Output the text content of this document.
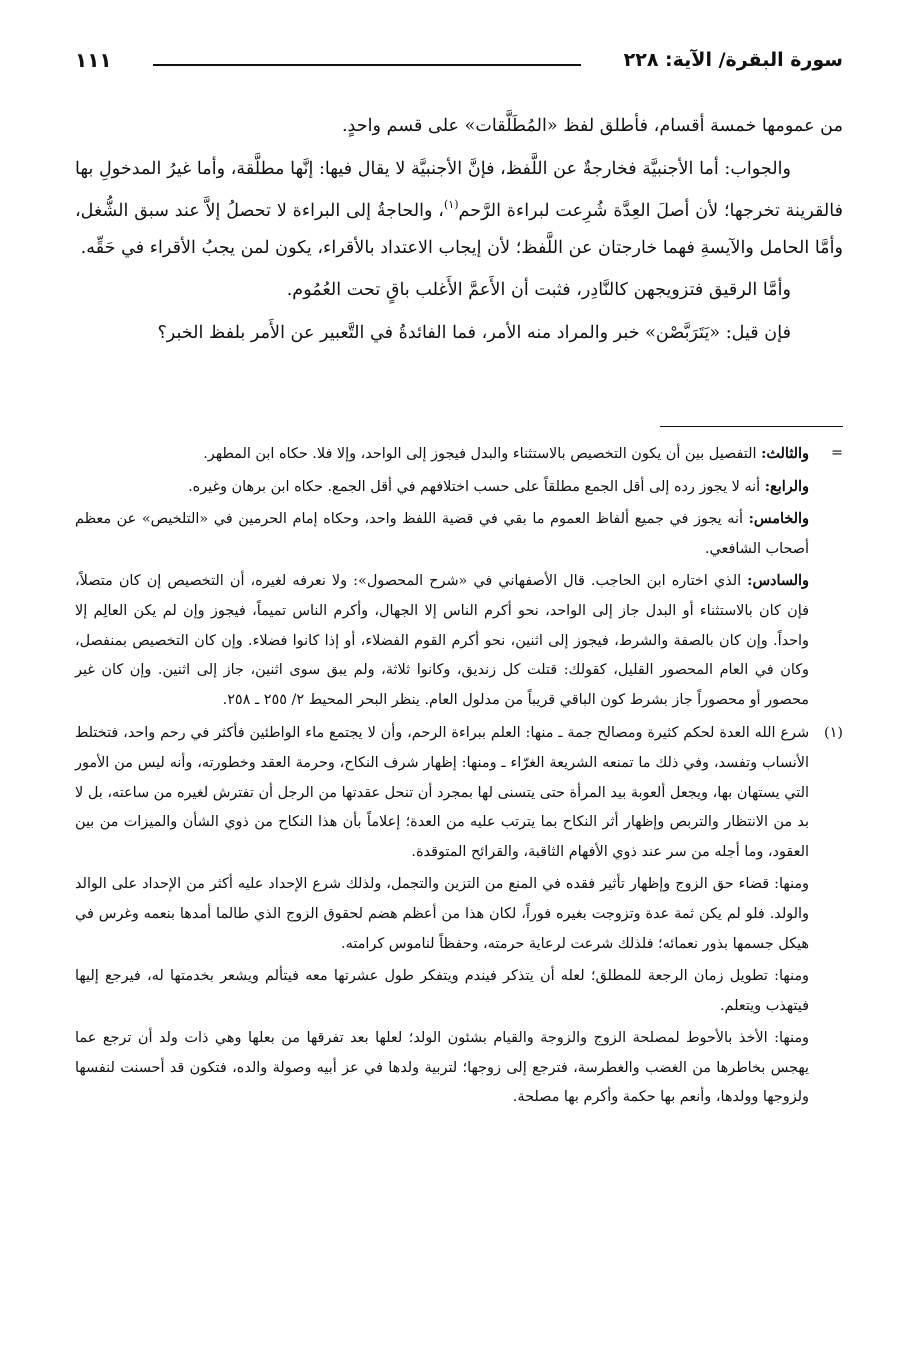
سورة البقرة/ الآية: ٢٢٨
١١١

من عمومها خمسة أقسام، فأطلق لفظ «المُطَلَّقات» على قسم واحدٍ.

والجواب: أما الأجنبيَّة فخارجةٌ عن اللَّفظ، فإنَّ الأجنبيَّة لا يقال فيها: إنَّها مطلَّقة، وأما غيرُ المدخولِ بها فالقرينة تخرجها؛ لأن أصلَ العِدَّة شُرِعت لبراءة الرَّحم$^{(١)}$، والحاجةُ إلى البراءة لا تحصلُ إلاَّ عند سبق الشُّغل، وأمَّا الحامل والآيسةِ فهما خارجتان عن اللَّفظ؛ لأن إيجاب الاعتداد بالأقراء، يكون لمن يجبُ الأقراء في حَقِّه.

وأمَّا الرقيق فتزويجهن كالنَّادِر، فثبت أن الأَعمَّ الأَغلب باقٍ تحت العُمُوم.

فإن قيل: «يَتَرَبَّصْن» خبر والمراد منه الأمر، فما الفائدةُ في التَّعبير عن الأَمر بلفظ الخبر؟

=

والثالث: التفصيل بين أن يكون التخصيص بالاستثناء والبدل فيجوز إلى الواحد، وإلا فلا. حكاه ابن المطهر.

والرابع: أنه لا يجوز رده إلى أقل الجمع مطلقاً على حسب اختلافهم في أقل الجمع. حكاه ابن برهان وغيره.

والخامس: أنه يجوز في جميع ألفاظ العموم ما بقي في قضية اللفظ واحد، وحكاه إمام الحرمين في «التلخيص» عن معظم أصحاب الشافعي.

والسادس: الذي اختاره ابن الحاجب. قال الأصفهاني في «شرح المحصول»: ولا نعرفه لغيره، أن التخصيص إن كان متصلاً، فإن كان بالاستثناء أو البدل جاز إلى الواحد، نحو أكرم الناس إلا الجهال، وأكرم الناس تميماً، فيجوز وإن لم يكن العالِم إلا واحداً. وإن كان بالصفة والشرط، فيجوز إلى اثنين، نحو أكرم القوم الفضلاء، أو إذا كانوا فضلاء. وإن كان التخصيص بمنفصل، وكان في العام المحصور القليل، كقولك: قتلت كل زنديق، وكانوا ثلاثة، ولم يبق سوى اثنين، جاز إلى اثنين. وإن كان غير محصور أو محصوراً جاز بشرط كون الباقي قريباً من مدلول العام. ينظر البحر المحيط ٢/ ٢٥٥ ـ ٢٥٨.

(١)

شرع الله العدة لحكم كثيرة ومصالح جمة ـ منها: العلم ببراءة الرحم، وأن لا يجتمع ماء الواطئين فأكثر في رحم واحد، فتختلط الأنساب وتفسد، وفي ذلك ما تمنعه الشريعة الغرّاء ـ ومنها: إظهار شرف النكاح، وحرمة العقد وخطورته، وأنه ليس من الأمور التي يستهان بها، ويجعل ألعوبة بيد المرأة حتى يتسنى لها بمجرد أن تنحل عقدتها من الرجل أن تفترش لغيره من ساعته، بل لا بد من الانتظار والتربص وإظهار أثر النكاح بما يترتب عليه من العدة؛ إعلاماً بأن هذا النكاح من ذوي الشأن والميزات من بين العقود، وما أجله من سر عند ذوي الأفهام الثاقبة، والقرائح المتوقدة.

ومنها: قضاء حق الزوج وإظهار تأثير فقده في المنع من التزين والتجمل، ولذلك شرع الإحداد عليه أكثر من الإحداد على الوالد والولد. فلو لم يكن ثمة عدة وتزوجت بغيره فوراً، لكان هذا من أعظم هضم لحقوق الزوج الذي طالما أمدها بنعمه وغرس في هيكل جسمها بذور نعمائه؛ فلذلك شرعت لرعاية حرمته، وحفظاً لناموس كرامته.

ومنها: تطويل زمان الرجعة للمطلق؛ لعله أن يتذكر فيندم ويتفكر طول عشرتها معه فيتألم ويشعر بخدمتها له، فيرجع إليها فيتهذب ويتعلم.

ومنها: الأخذ بالأحوط لمصلحة الزوج والزوجة والقيام بشئون الولد؛ لعلها بعد تفرقها من بعلها وهي ذات ولد أن ترجع عما يهجس بخاطرها من الغضب والغطرسة، فترجع إلى زوجها؛ لتربية ولدها في عز أبيه وصولة والده، فتكون قد أحسنت لنفسها ولزوجها وولدها، وأنعم بها حكمة وأكرم بها مصلحة.
